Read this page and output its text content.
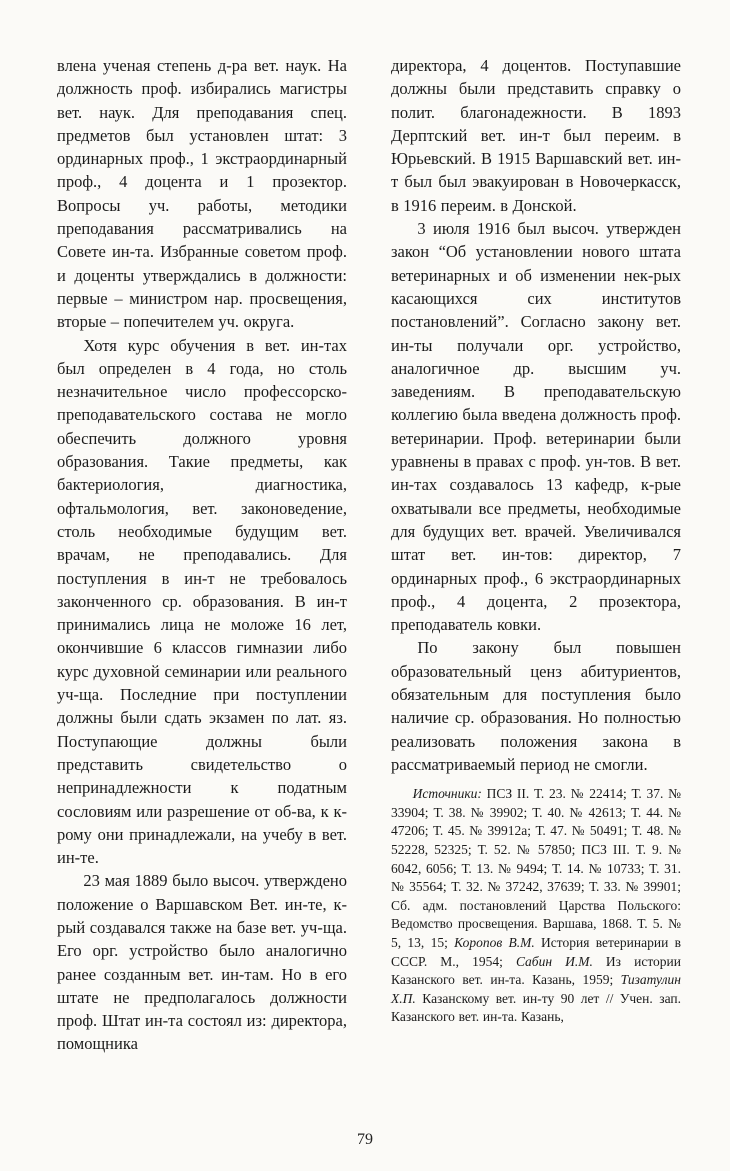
влена ученая степень д-ра вет. наук. На должность проф. избирались магистры вет. наук. Для преподавания спец. предметов был установлен штат: 3 ординарных проф., 1 экстраординарный проф., 4 доцента и 1 прозектор. Вопросы уч. работы, методики преподавания рассматривались на Совете ин-та. Избранные советом проф. и доценты утверждались в должности: первые – министром нар. просвещения, вторые – попечителем уч. округа.

Хотя курс обучения в вет. ин-тах был определен в 4 года, но столь незначительное число профессорско-преподавательского состава не могло обеспечить должного уровня образования. Такие предметы, как бактериология, диагностика, офтальмология, вет. законоведение, столь необходимые будущим вет. врачам, не преподавались. Для поступления в ин-т не требовалось законченного ср. образования. В ин-т принимались лица не моложе 16 лет, окончившие 6 классов гимназии либо курс духовной семинарии или реального уч-ща. Последние при поступлении должны были сдать экзамен по лат. яз. Поступающие должны были представить свидетельство о непринадлежности к податным сословиям или разрешение от об-ва, к к-рому они принадлежали, на учебу в вет. ин-те.

23 мая 1889 было высоч. утверждено положение о Варшавском Вет. ин-те, к-рый создавался также на базе вет. уч-ща. Его орг. устройство было аналогично ранее созданным вет. ин-там. Но в его штате не предполагалось должности проф. Штат ин-та состоял из: директора, помощника

директора, 4 доцентов. Поступавшие должны были представить справку о полит. благонадежности. В 1893 Дерптский вет. ин-т был переим. в Юрьевский. В 1915 Варшавский вет. ин-т был был эвакуирован в Новочеркасск, в 1916 переим. в Донской.

3 июля 1916 был высоч. утвержден закон “Об установлении нового штата ветеринарных и об изменении нек-рых касающихся сих институтов постановлений”. Согласно закону вет. ин-ты получали орг. устройство, аналогичное др. высшим уч. заведениям. В преподавательскую коллегию была введена должность проф. ветеринарии. Проф. ветеринарии были уравнены в правах с проф. ун-тов. В вет. ин-тах создавалось 13 кафедр, к-рые охватывали все предметы, необходимые для будущих вет. врачей. Увеличивался штат вет. ин-тов: директор, 7 ординарных проф., 6 экстраординарных проф., 4 доцента, 2 прозектора, преподаватель ковки.

По закону был повышен образовательный ценз абитуриентов, обязательным для поступления было наличие ср. образования. Но полностью реализовать положения закона в рассматриваемый период не смогли.

Источники: ПСЗ II. Т. 23. № 22414; Т. 37. № 33904; Т. 38. № 39902; Т. 40. № 42613; Т. 44. № 47206; Т. 45. № 39912а; Т. 47. № 50491; Т. 48. № 52228, 52325; Т. 52. № 57850; ПСЗ III. Т. 9. № 6042, 6056; Т. 13. № 9494; Т. 14. № 10733; Т. 31. № 35564; Т. 32. № 37242, 37639; Т. 33. № 39901; Сб. адм. постановлений Царства Польского: Ведомство просвещения. Варшава, 1868. Т. 5. № 5, 13, 15; Коропов В.М. История ветеринарии в СССР. М., 1954; Сабин И.М. Из истории Казанского вет. ин-та. Казань, 1959; Тизатулин Х.П. Казанскому вет. ин-ту 90 лет // Учен. зап. Казанского вет. ин-та. Казань,

79
